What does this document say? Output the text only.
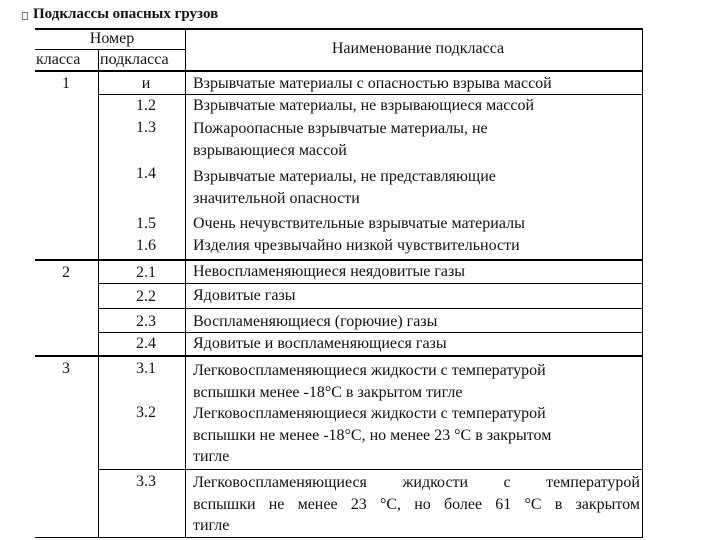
Подклассы опасных грузов
Номер
класса подкласса
Наименование подкласса
1
2
3
и
1.2
1.3
1.4
1.5
1.6
2.1
2.2
2.3
2.4
3.1
3.2
3.3
Взрывчатые материалы с опасностью взрыва массой
Взрывчатые материалы, не взрывающиеся массой
Пожароопасные взрывчатые материалы, не
взрывающиеся массой
Взрывчатые материалы, не представляющие
значительной опасности
Очень нечувствительные взрывчатые материалы
Изделия чрезвычайно низкой чувствительности
Невоспламеняющиеся неядовитые газы
Ядовитые газы
Воспламеняющиеся (горючие) газы
Ядовитые и воспламеняющиеся газы
Легковоспламеняющиеся жидкости с температурой
вспышки менее -18°С в закрытом тигле
Легковоспламеняющиеся жидкости с температурой
вспышки не менее -18°С, но менее 23 °С в закрытом
тигле
Легковоспламеняющиеся жидкости с температурой
вспышки не менее 23 °С, но более 61 °С в закрытом
тигле
